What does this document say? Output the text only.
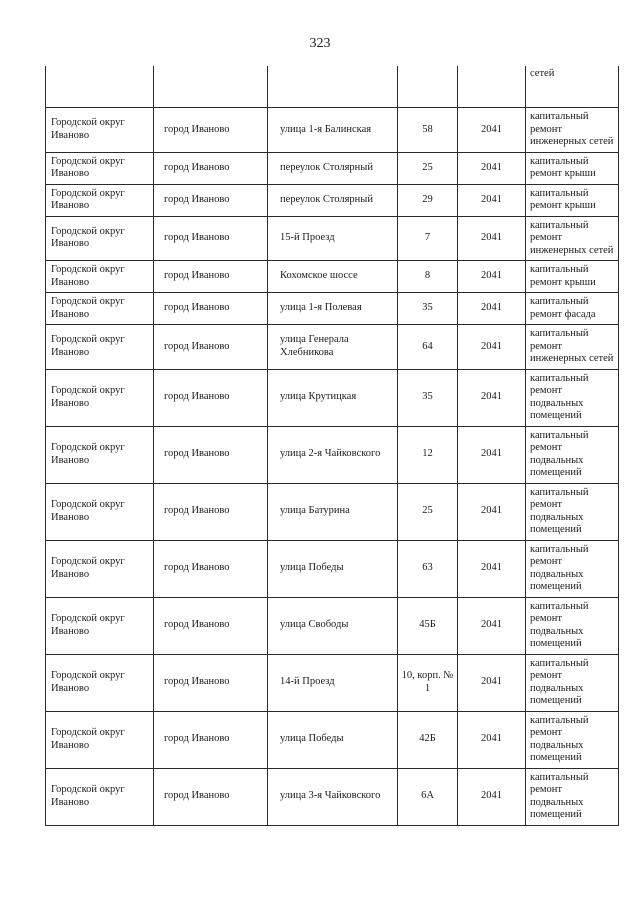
323
					сетей
Городской округ Иваново	город Иваново	улица 1-я Балинская	58	2041	капитальный ремонт инженерных сетей
Городской округ Иваново	город Иваново	переулок Столярный	25	2041	капитальный ремонт крыши
Городской округ Иваново	город Иваново	переулок Столярный	29	2041	капитальный ремонт крыши
Городской округ Иваново	город Иваново	15-й Проезд	7	2041	капитальный ремонт инженерных сетей
Городской округ Иваново	город Иваново	Кохомское шоссе	8	2041	капитальный ремонт крыши
Городской округ Иваново	город Иваново	улица 1-я Полевая	35	2041	капитальный ремонт фасада
Городской округ Иваново	город Иваново	улица Генерала Хлебникова	64	2041	капитальный ремонт инженерных сетей
Городской округ Иваново	город Иваново	улица Крутицкая	35	2041	капитальный ремонт подвальных помещений
Городской округ Иваново	город Иваново	улица 2-я Чайковского	12	2041	капитальный ремонт подвальных помещений
Городской округ Иваново	город Иваново	улица Батурина	25	2041	капитальный ремонт подвальных помещений
Городской округ Иваново	город Иваново	улица Победы	63	2041	капитальный ремонт подвальных помещений
Городской округ Иваново	город Иваново	улица Свободы	45Б	2041	капитальный ремонт подвальных помещений
Городской округ Иваново	город Иваново	14-й Проезд	10, корп. № 1	2041	капитальный ремонт подвальных помещений
Городской округ Иваново	город Иваново	улица Победы	42Б	2041	капитальный ремонт подвальных помещений
Городской округ Иваново	город Иваново	улица 3-я Чайковского	6А	2041	капитальный ремонт подвальных помещений
